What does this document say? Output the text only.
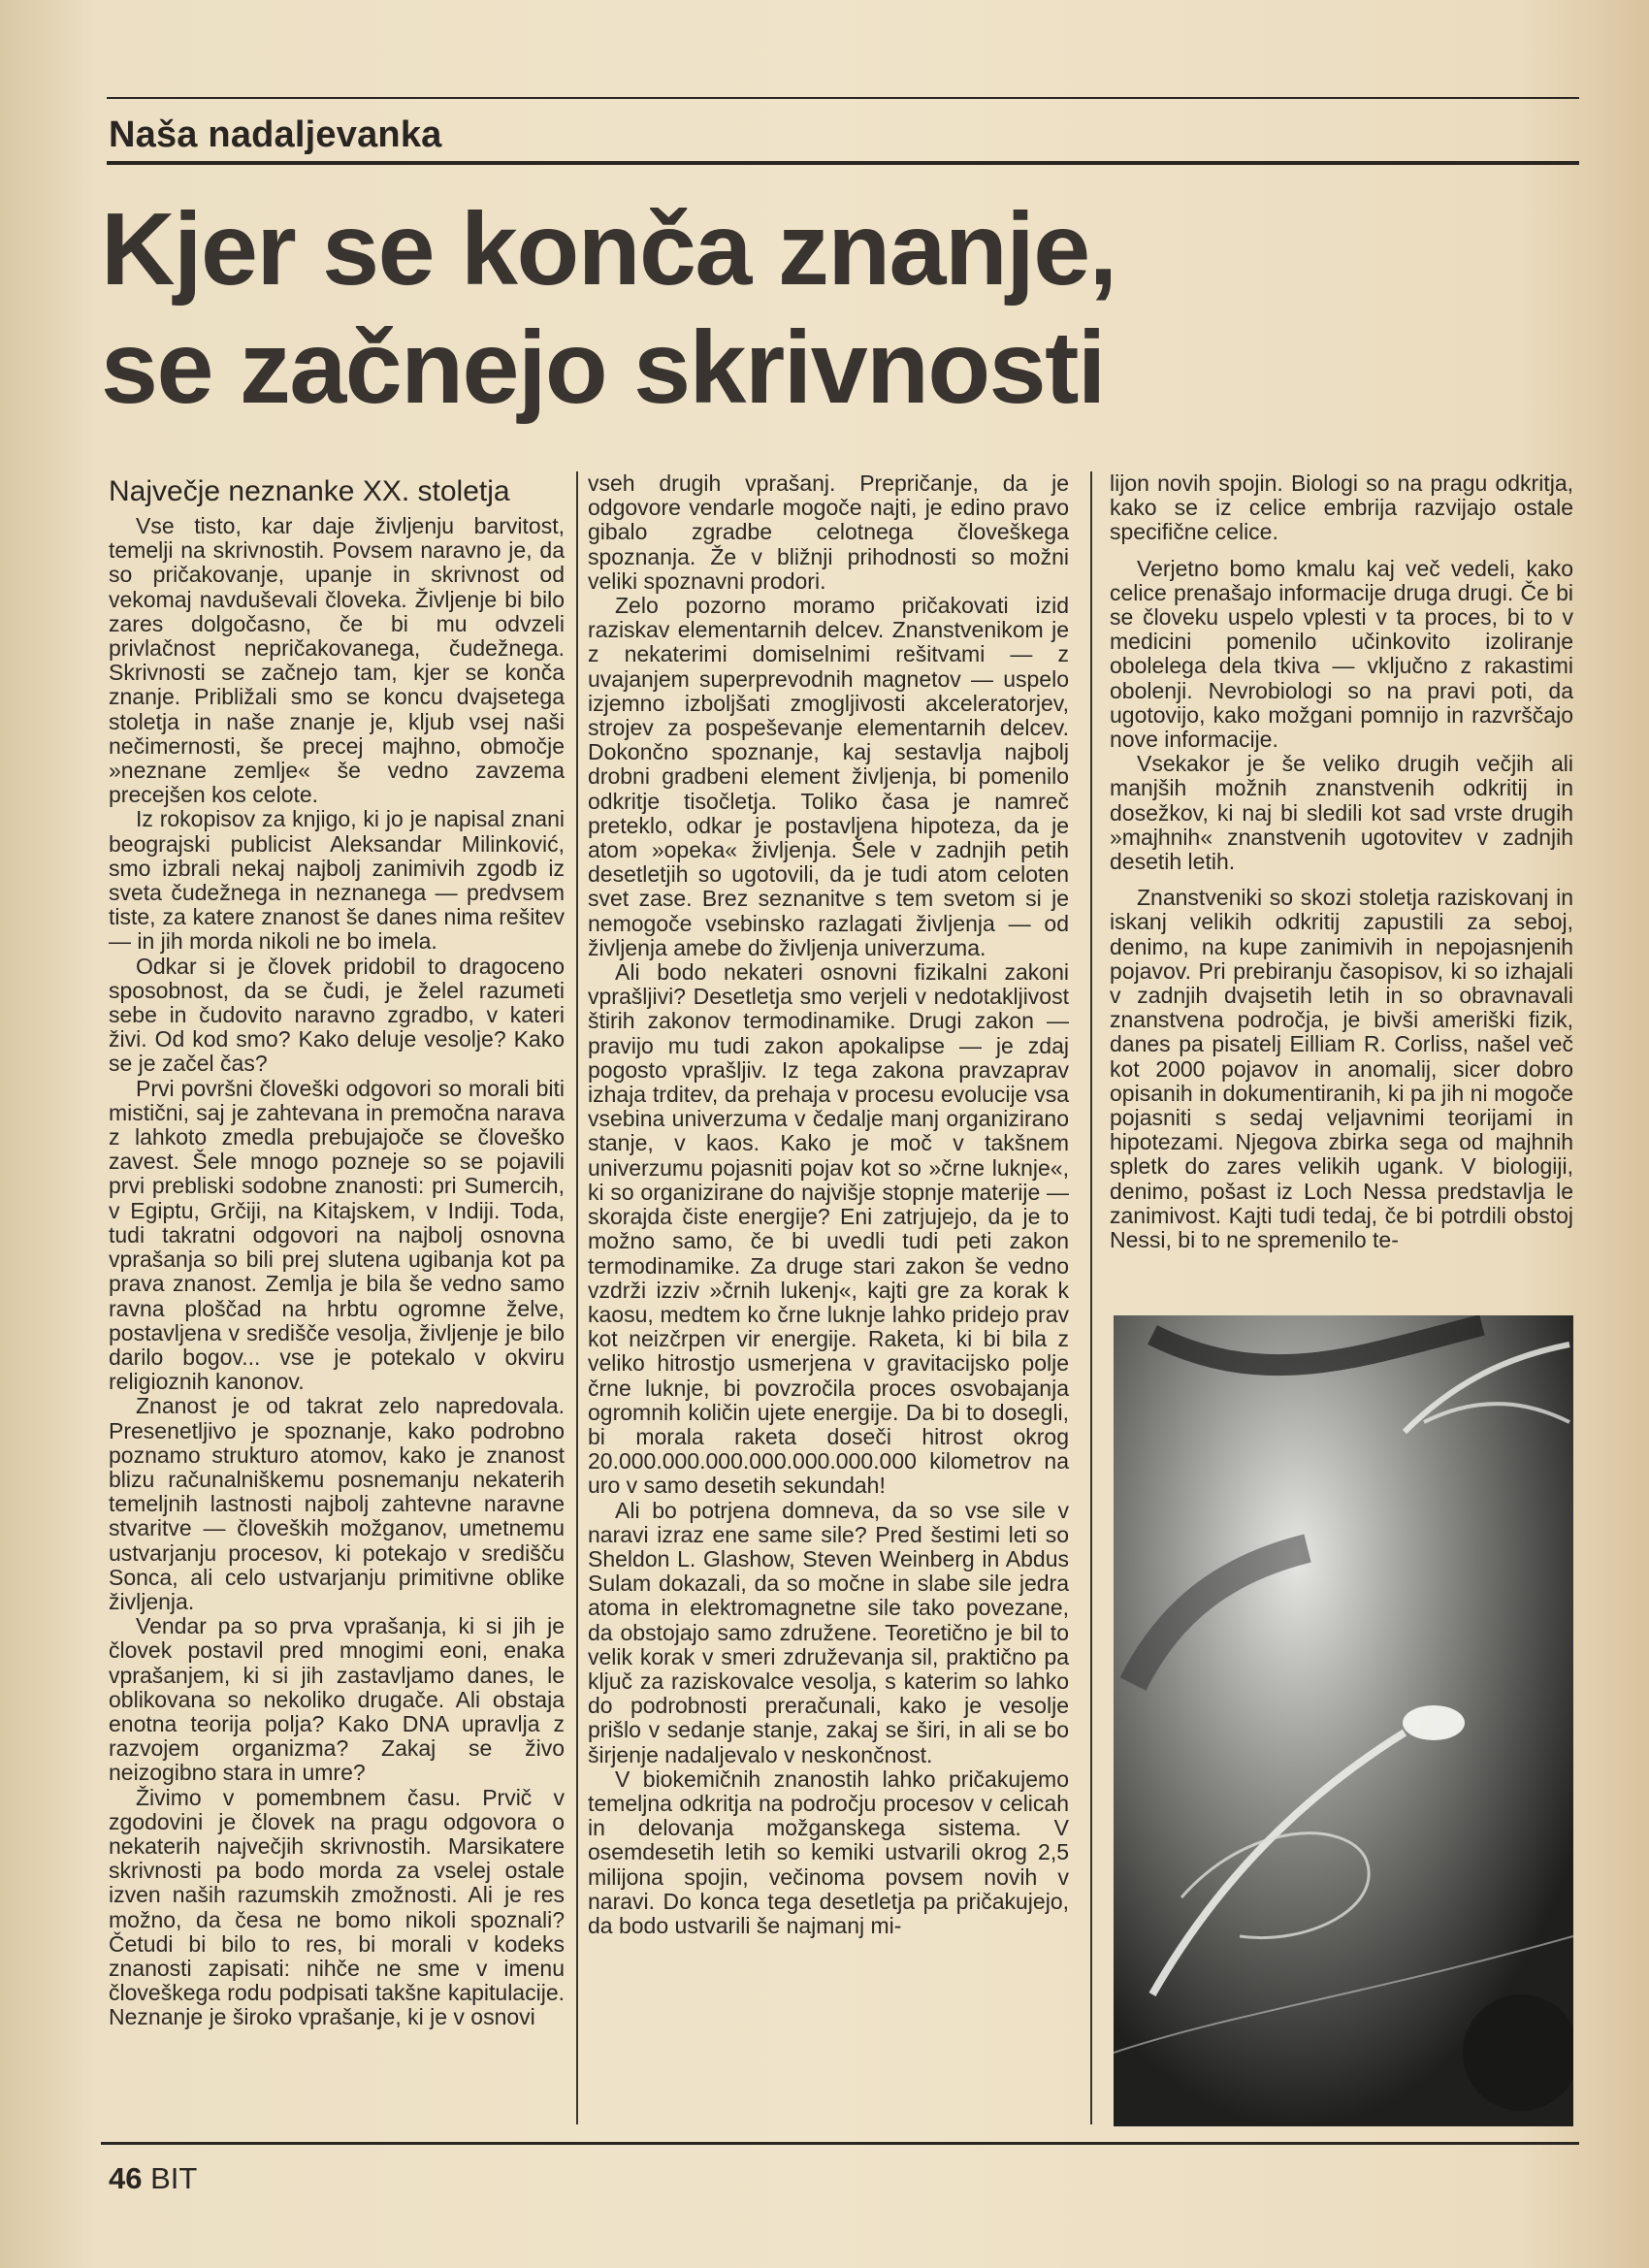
Naša nadaljevanka
Kjer se konča znanje,
se začnejo skrivnosti
Največje neznanke XX. stoletja

Vse tisto, kar daje življenju barvitost, temelji na skrivnostih. Povsem naravno je, da so pričakovanje, upanje in skrivnost od vekomaj navduševali človeka. Življenje bi bilo zares dolgočasno, če bi mu odvzeli privlačnost nepričakovanega, čudežnega. Skrivnosti se začnejo tam, kjer se konča znanje. Približali smo se koncu dvajsetega stoletja in naše znanje je, kljub vsej naši nečimernosti, še precej majhno, območje »neznane zemlje« še vedno zavzema precejšen kos celote.

Iz rokopisov za knjigo, ki jo je napisal znani beograjski publicist Aleksandar Milinković, smo izbrali nekaj najbolj zanimivih zgodb iz sveta čudežnega in neznanega — predvsem tiste, za katere znanost še danes nima rešitev — in jih morda nikoli ne bo imela.

Odkar si je človek pridobil to dragoceno sposobnost, da se čudi, je želel razumeti sebe in čudovito naravno zgradbo, v kateri živi. Od kod smo? Kako deluje vesolje? Kako se je začel čas?

Prvi površni človeški odgovori so morali biti mistični, saj je zahtevana in premočna narava z lahkoto zmedla prebujajoče se človeško zavest. Šele mnogo pozneje so se pojavili prvi prebliski sodobne znanosti: pri Sumercih, v Egiptu, Grčiji, na Kitajskem, v Indiji. Toda, tudi takratni odgovori na najbolj osnovna vprašanja so bili prej slutena ugibanja kot pa prava znanost. Zemlja je bila še vedno samo ravna ploščad na hrbtu ogromne želve, postavljena v središče vesolja, življenje je bilo darilo bogov... vse je potekalo v okviru religioznih kanonov.

Znanost je od takrat zelo napredovala. Presenetljivo je spoznanje, kako podrobno poznamo strukturo atomov, kako je znanost blizu računalniškemu posnemanju nekaterih temeljnih lastnosti najbolj zahtevne naravne stvaritve — človeških možganov, umetnemu ustvarjanju procesov, ki potekajo v središču Sonca, ali celo ustvarjanju primitivne oblike življenja.

Vendar pa so prva vprašanja, ki si jih je človek postavil pred mnogimi eoni, enaka vprašanjem, ki si jih zastavljamo danes, le oblikovana so nekoliko drugače. Ali obstaja enotna teorija polja? Kako DNA upravlja z razvojem organizma? Zakaj se živo neizogibno stara in umre?

Živimo v pomembnem času. Prvič v zgodovini je človek na pragu odgovora o nekaterih največjih skrivnostih. Marsikatere skrivnosti pa bodo morda za vselej ostale izven naših razumskih zmožnosti. Ali je res možno, da česa ne bomo nikoli spoznali? Četudi bi bilo to res, bi morali v kodeks znanosti zapisati: nihče ne sme v imenu človeškega rodu podpisati takšne kapitulacije. Neznanje je široko vprašanje, ki je v osnovi

vseh drugih vprašanj. Prepričanje, da je odgovore vendarle mogoče najti, je edino pravo gibalo zgradbe celotnega človeškega spoznanja. Že v bližnji prihodnosti so možni veliki spoznavni prodori.

Zelo pozorno moramo pričakovati izid raziskav elementarnih delcev. Znanstvenikom je z nekaterimi domiselnimi rešitvami — z uvajanjem superprevodnih magnetov — uspelo izjemno izboljšati zmogljivosti akceleratorjev, strojev za pospeševanje elementarnih delcev. Dokončno spoznanje, kaj sestavlja najbolj drobni gradbeni element življenja, bi pomenilo odkritje tisočletja. Toliko časa je namreč preteklo, odkar je postavljena hipoteza, da je atom »opeka« življenja. Šele v zadnjih petih desetletjih so ugotovili, da je tudi atom celoten svet zase. Brez seznanitve s tem svetom si je nemogoče vsebinsko razlagati življenja — od življenja amebe do življenja univerzuma.

Ali bodo nekateri osnovni fizikalni zakoni vprašljivi? Desetletja smo verjeli v nedotakljivost štirih zakonov termodinamike. Drugi zakon — pravijo mu tudi zakon apokalipse — je zdaj pogosto vprašljiv. Iz tega zakona pravzaprav izhaja trditev, da prehaja v procesu evolucije vsa vsebina univerzuma v čedalje manj organizirano stanje, v kaos. Kako je moč v takšnem univerzumu pojasniti pojav kot so »črne luknje«, ki so organizirane do najvišje stopnje materije — skorajda čiste energije? Eni zatrjujejo, da je to možno samo, če bi uvedli tudi peti zakon termodinamike. Za druge stari zakon še vedno vzdrži izziv »črnih lukenj«, kajti gre za korak k kaosu, medtem ko črne luknje lahko pridejo prav kot neizčrpen vir energije. Raketa, ki bi bila z veliko hitrostjo usmerjena v gravitacijsko polje črne luknje, bi povzročila proces osvobajanja ogromnih količin ujete energije. Da bi to dosegli, bi morala raketa doseči hitrost okrog 20.000.000.000.000.000.000.000 kilometrov na uro v samo desetih sekundah!

Ali bo potrjena domneva, da so vse sile v naravi izraz ene same sile? Pred šestimi leti so Sheldon L. Glashow, Steven Weinberg in Abdus Sulam dokazali, da so močne in slabe sile jedra atoma in elektromagnetne sile tako povezane, da obstojajo samo združene. Teoretično je bil to velik korak v smeri združevanja sil, praktično pa ključ za raziskovalce vesolja, s katerim so lahko do podrobnosti preračunali, kako je vesolje prišlo v sedanje stanje, zakaj se širi, in ali se bo širjenje nadaljevalo v neskončnost.

V biokemičnih znanostih lahko pričakujemo temeljna odkritja na področju procesov v celicah in delovanja možganskega sistema. V osemdesetih letih so kemiki ustvarili okrog 2,5 milijona spojin, večinoma povsem novih v naravi. Do konca tega desetletja pa pričakujejo, da bodo ustvarili še najmanj mi-

lijon novih spojin. Biologi so na pragu odkritja, kako se iz celice embrija razvijajo ostale specifične celice.

Verjetno bomo kmalu kaj več vedeli, kako celice prenašajo informacije druga drugi. Če bi se človeku uspelo vplesti v ta proces, bi to v medicini pomenilo učinkovito izoliranje obolelega dela tkiva — vključno z rakastimi obolenji. Nevrobiologi so na pravi poti, da ugotovijo, kako možgani pomnijo in razvrščajo nove informacije.

Vsekakor je še veliko drugih večjih ali manjših možnih znanstvenih odkritij in dosežkov, ki naj bi sledili kot sad vrste drugih »majhnih« znanstvenih ugotovitev v zadnjih desetih letih.

Znanstveniki so skozi stoletja raziskovanj in iskanj velikih odkritij zapustili za seboj, denimo, na kupe zanimivih in nepojasnjenih pojavov. Pri prebiranju časopisov, ki so izhajali v zadnjih dvajsetih letih in so obravnavali znanstvena področja, je bivši ameriški fizik, danes pa pisatelj Eilliam R. Corliss, našel več kot 2000 pojavov in anomalij, sicer dobro opisanih in dokumentiranih, ki pa jih ni mogoče pojasniti s sedaj veljavnimi teorijami in hipotezami. Njegova zbirka sega od majhnih spletk do zares velikih ugank. V biologiji, denimo, pošast iz Loch Nessa predstavlja le zanimivost. Kajti tudi tedaj, če bi potrdili obstoj Nessi, bi to ne spremenilo te-

46 BIT
